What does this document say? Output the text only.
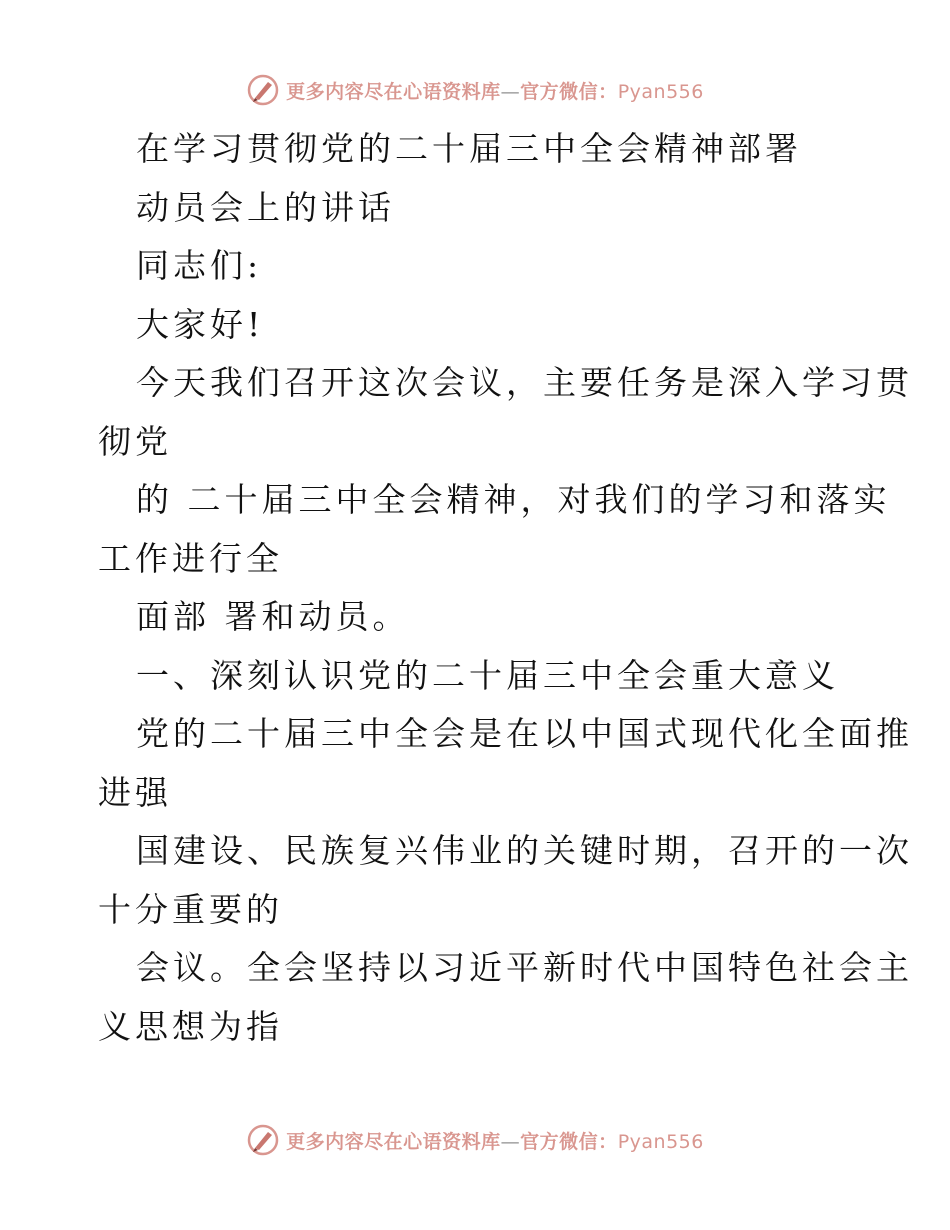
更多内容尽在心语资料库—官方微信：Pyan556
在学习贯彻党的二十届三中全会精神部署
动员会上的讲话
同志们:
大家好!
今天我们召开这次会议，主要任务是深入学习贯
彻党
的 二十届三中全会精神，对我们的学习和落实
工作进行全
面部 署和动员。
一、深刻认识党的二十届三中全会重大意义
党的二十届三中全会是在以中国式现代化全面推
进强
国建设、民族复兴伟业的关键时期，召开的一次
十分重要的
会议。全会坚持以习近平新时代中国特色社会主
义思想为指
更多内容尽在心语资料库—官方微信：Pyan556
